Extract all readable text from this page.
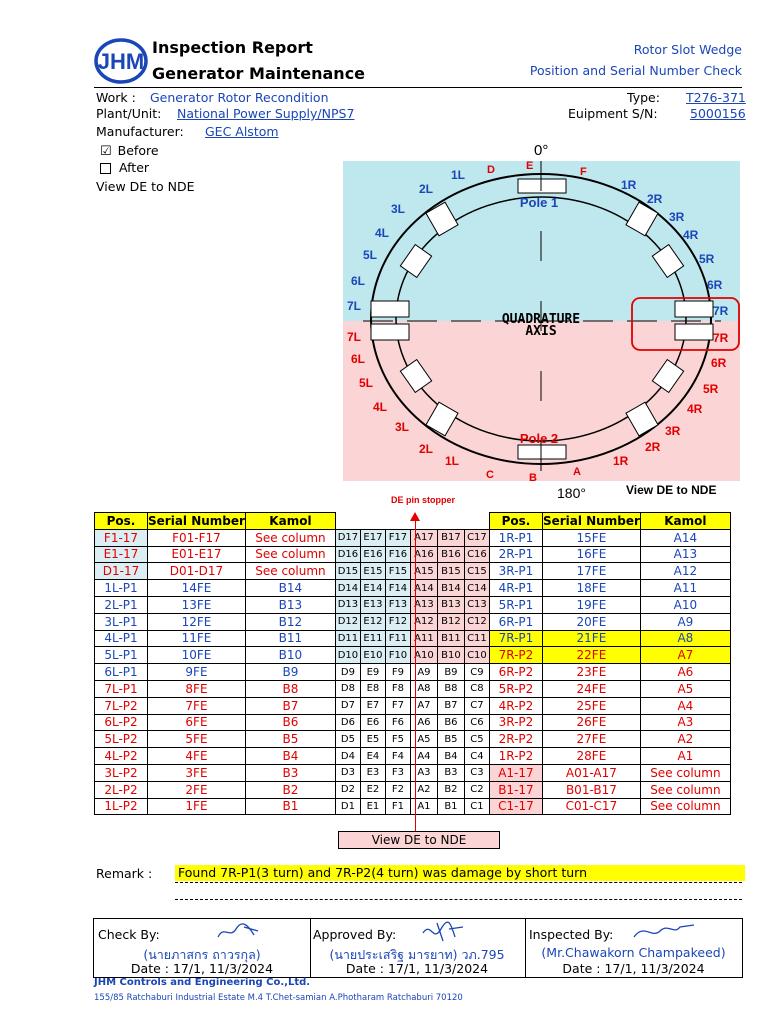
JHM
Inspection Report
Generator Maintenance
Rotor Slot Wedge
Position and Serial Number Check
Work : Generator Rotor Recondition
Plant/Unit: National Power Supply/NPS7
Manufacturer: GEC Alstom
Type: T276-371
Euipment S/N:	5000156
☑ Before
After
View DE to NDE
QUADRATURE
AXIS
Pole 1
Pole 2
0°
180°	View DE to NDE
DE pin stopper
1L
2L
3L
4L
5L
6L
7L
1R
2R
3R
4R
5R
6R
7R
7L
6L
5L
4L
3L
2L
1L
7R
6R
5R
4R
3R
2R
1R
D	E	F
C	B	A
Pos.	Serial Number	Kamol							Pos.	Serial Number	Kamol
F1-17	F01-F17	See column	D17	E17	F17	A17	B17	C17	1R-P1	15FE	A14
E1-17	E01-E17	See column	D16	E16	F16	A16	B16	C16	2R-P1	16FE	A13
D1-17	D01-D17	See column	D15	E15	F15	A15	B15	C15	3R-P1	17FE	A12
1L-P1	14FE	B14	D14	E14	F14	A14	B14	C14	4R-P1	18FE	A11
2L-P1	13FE	B13	D13	E13	F13	A13	B13	C13	5R-P1	19FE	A10
3L-P1	12FE	B12	D12	E12	F12	A12	B12	C12	6R-P1	20FE	A9
4L-P1	11FE	B11	D11	E11	F11	A11	B11	C11	7R-P1	21FE	A8
5L-P1	10FE	B10	D10	E10	F10	A10	B10	C10	7R-P2	22FE	A7
6L-P1	9FE	B9	D9	E9	F9	A9	B9	C9	6R-P2	23FE	A6
7L-P1	8FE	B8	D8	E8	F8	A8	B8	C8	5R-P2	24FE	A5
7L-P2	7FE	B7	D7	E7	F7	A7	B7	C7	4R-P2	25FE	A4
6L-P2	6FE	B6	D6	E6	F6	A6	B6	C6	3R-P2	26FE	A3
5L-P2	5FE	B5	D5	E5	F5	A5	B5	C5	2R-P2	27FE	A2
4L-P2	4FE	B4	D4	E4	F4	A4	B4	C4	1R-P2	28FE	A1
3L-P2	3FE	B3	D3	E3	F3	A3	B3	C3	A1-17	A01-A17	See column
2L-P2	2FE	B2	D2	E2	F2	A2	B2	C2	B1-17	B01-B17	See column
1L-P2	1FE	B1	D1	E1	F1	A1	B1	C1	C1-17	C01-C17	See column
View DE to NDE
Remark : Found 7R-P1(3 turn) and 7R-P2(4 turn) was damage by short turn
Check By:
(นายภาสกร ถาวรกุล)
Date : 17/1, 11/3/2024
Approved By:
(นายประเสริฐ มารยาท) วภ.795
Date : 17/1, 11/3/2024
Inspected By:
(Mr.Chawakorn Champakeed)
Date : 17/1, 11/3/2024
JHM Controls and Engineering Co.,Ltd.
155/85 Ratchaburi Industrial Estate M.4 T.Chet-samian A.Photharam Ratchaburi 70120
